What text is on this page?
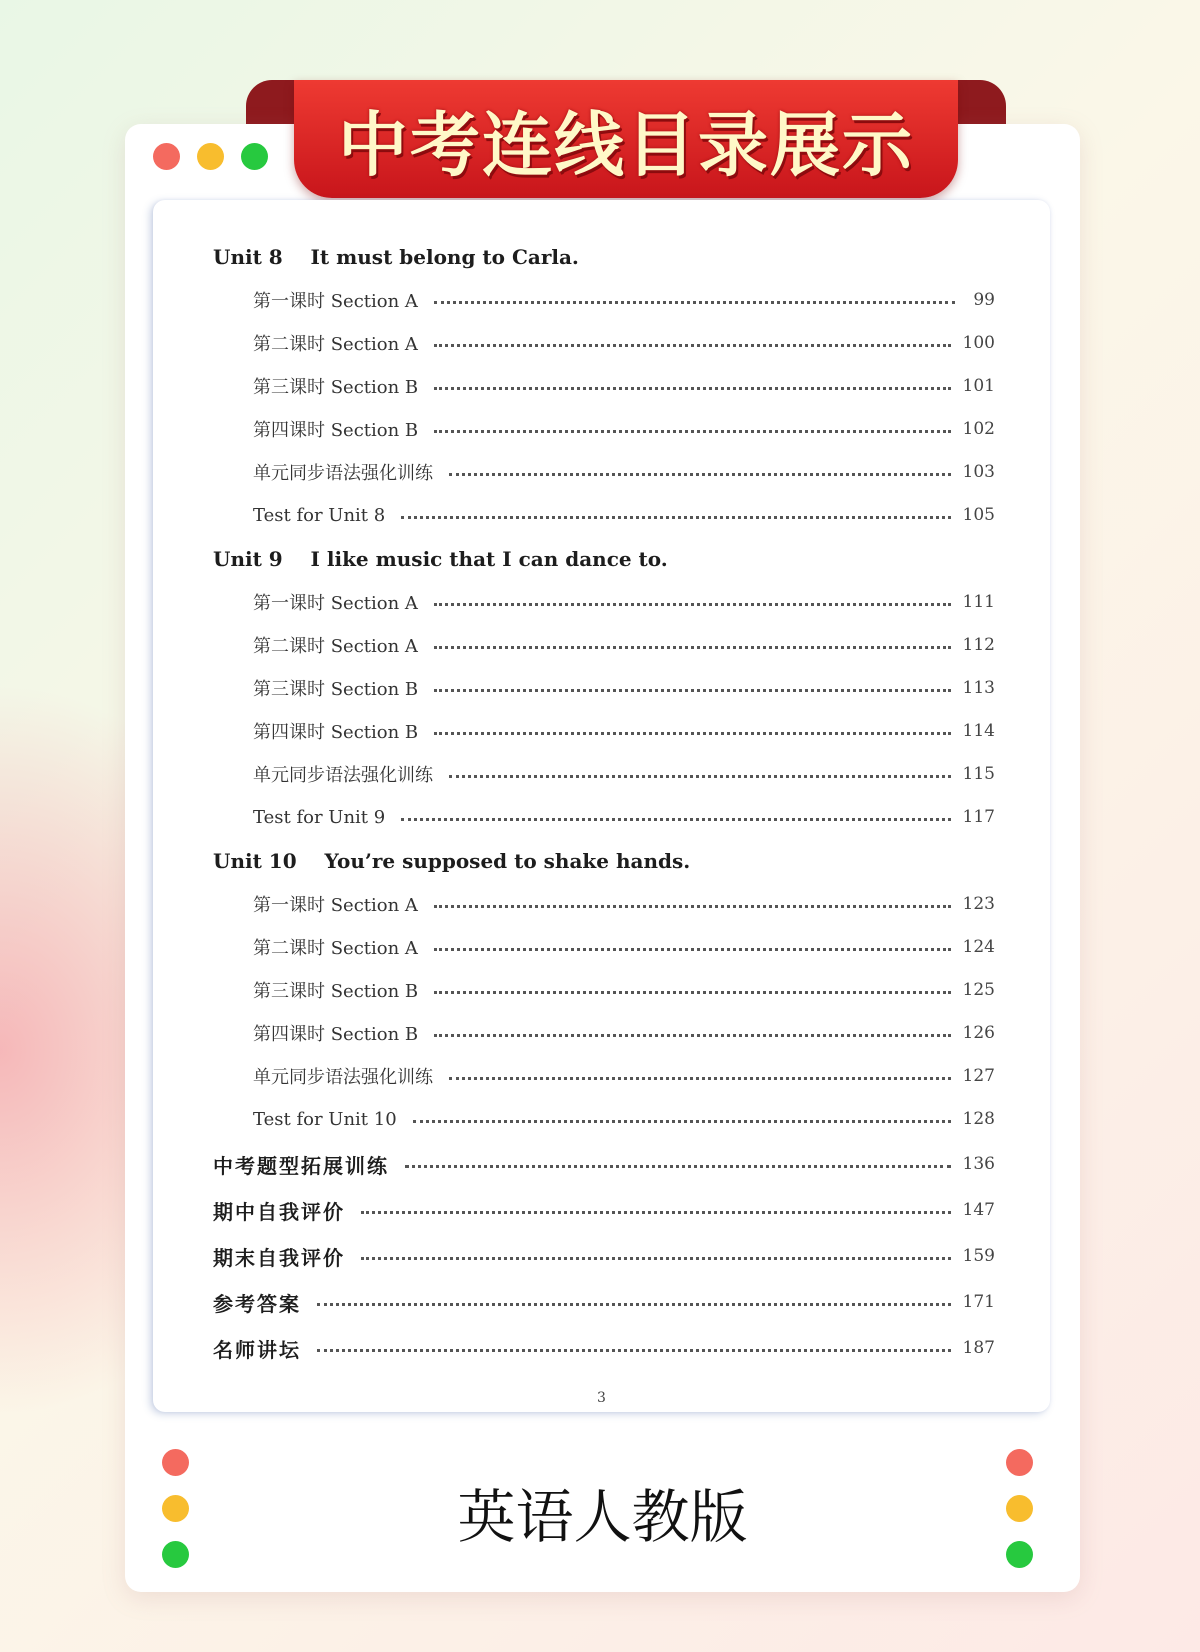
中考连线目录展示
Unit 8    It must belong to Carla.
第一课时 Section A	99
第二课时 Section A	100
第三课时 Section B	101
第四课时 Section B	102
单元同步语法强化训练	103
Test for Unit 8	105
Unit 9    I like music that I can dance to.
第一课时 Section A	111
第二课时 Section A	112
第三课时 Section B	113
第四课时 Section B	114
单元同步语法强化训练	115
Test for Unit 9	117
Unit 10    You’re supposed to shake hands.
第一课时 Section A	123
第二课时 Section A	124
第三课时 Section B	125
第四课时 Section B	126
单元同步语法强化训练	127
Test for Unit 10	128
中考题型拓展训练	136
期中自我评价	147
期末自我评价	159
参考答案	171
名师讲坛	187
3
英语人教版
